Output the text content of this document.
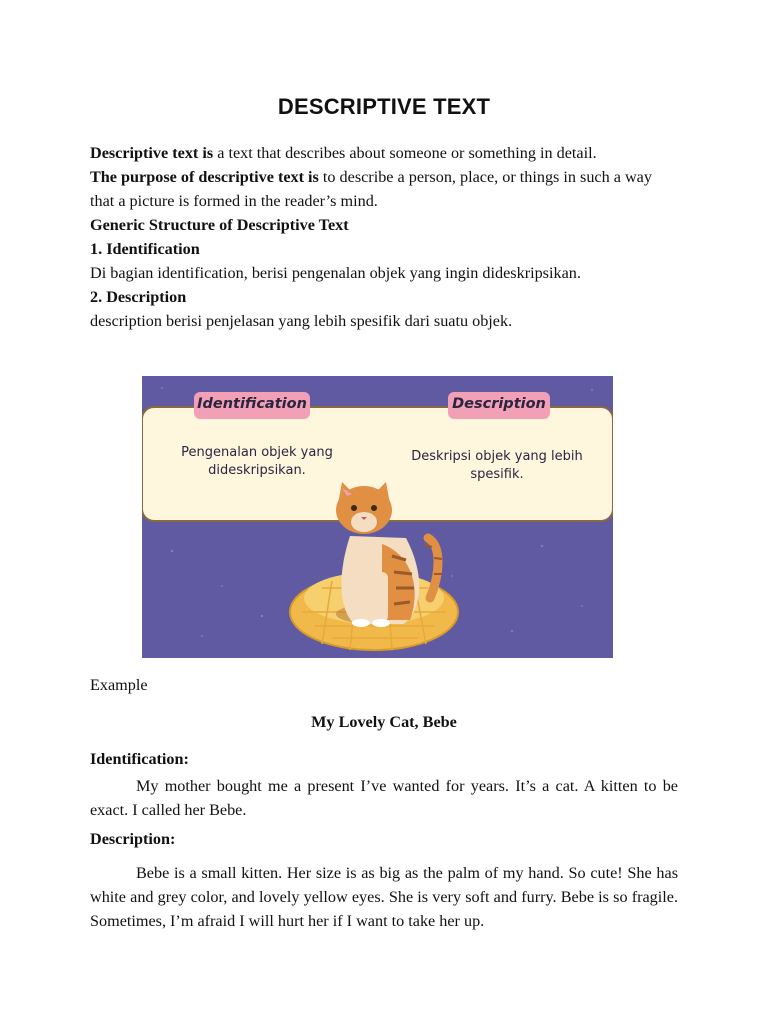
DESCRIPTIVE TEXT

Descriptive text is a text that describes about someone or something in detail.

The purpose of descriptive text is to describe a person, place, or things in such a way that a picture is formed in the reader’s mind.

Generic Structure of Descriptive Text

1. Identification

Di bagian identification, berisi pengenalan objek yang ingin dideskripsikan.

2. Description

description berisi penjelasan yang lebih spesifik dari suatu objek.

Identification	Description
Pengenalan objek yang dideskripsikan.
Deskripsi objek yang lebih spesifik.
Example
My Lovely Cat, Bebe
Identification:

My mother bought me a present I’ve wanted for years. It’s a cat. A kitten to be exact. I called her Bebe.

Description:

Bebe is a small kitten. Her size is as big as the palm of my hand. So cute! She has white and grey color, and lovely yellow eyes. She is very soft and furry. Bebe is so fragile. Sometimes, I’m afraid I will hurt her if I want to take her up.
